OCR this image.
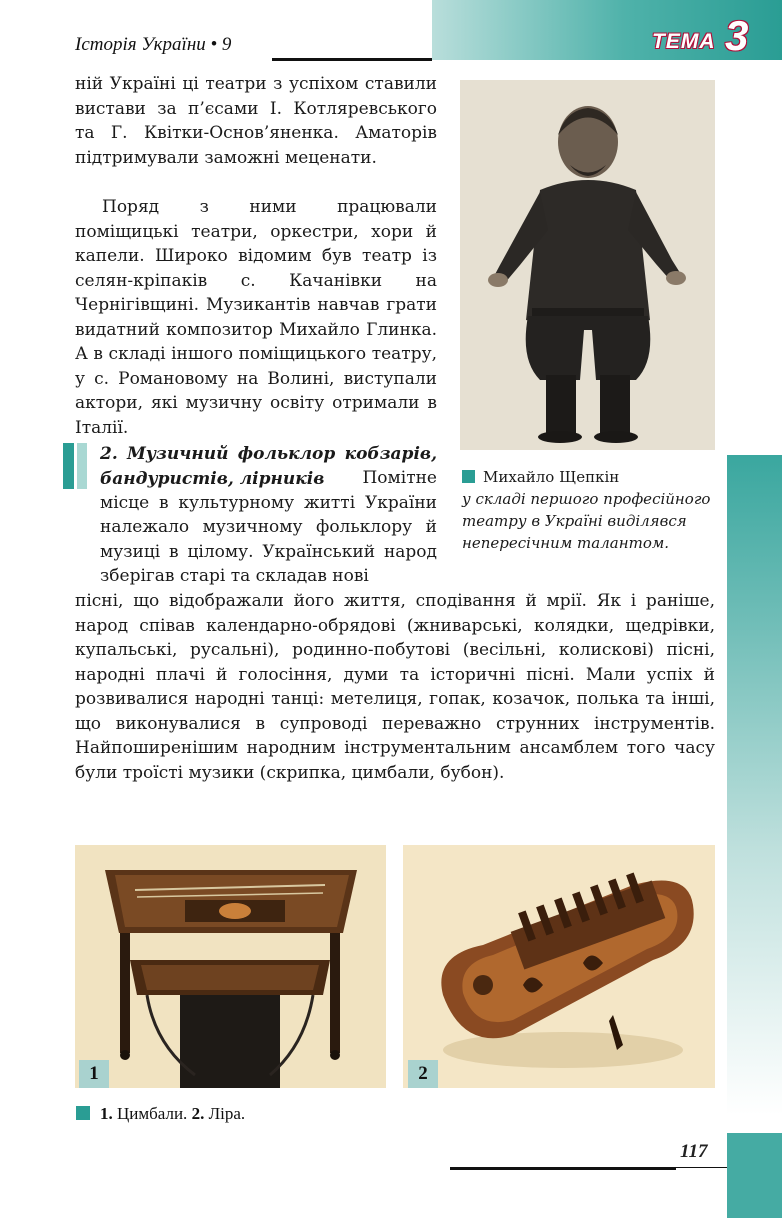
Історія України • 9	ТЕМА 3

ній Україні ці театри з успіхом ставили вистави за п’єсами І. Котляревського та Г. Квітки-Основ’яненка. Аматорів підтримували заможні меценати.

Поряд з ними працювали поміщицькі театри, оркестри, хори й капели. Широко відомим був театр із селян-кріпаків с. Качанівки на Чернігівщині. Музикантів навчав грати видатний композитор Михайло Глинка. А в складі іншого поміщицького театру, у с. Романовому на Волині, виступали актори, які музичну освіту отримали в Італії.

2. Музичний фольклор кобзарів, бандуристів, лірників

. Помітне місце в культурному житті України належало музичному фольклору й музиці в цілому. Український народ зберігав старі та складав нові

пісні, що відображали його життя, сподівання й мрії. Як і раніше, народ співав календарно-обрядові (жниварські, колядки, щедрівки, купальські, русальні), родинно-побутові (весільні, колискові) пісні, народні плачі й голосіння, думи та історичні пісні. Мали успіх й розвивалися народні танці: метелиця, гопак, козачок, полька та інші, що виконувалися в супроводі переважно струнних інструментів. Найпоширенішим народним інструментальним ансамблем того часу були троїсті музики (скрипка, цимбали, бубон).

Михайло Щепкін
у складі першого професійного театру в Україні виділявся непересічним талантом.
1	2
1. Цимбали. 2. Ліра.
117
